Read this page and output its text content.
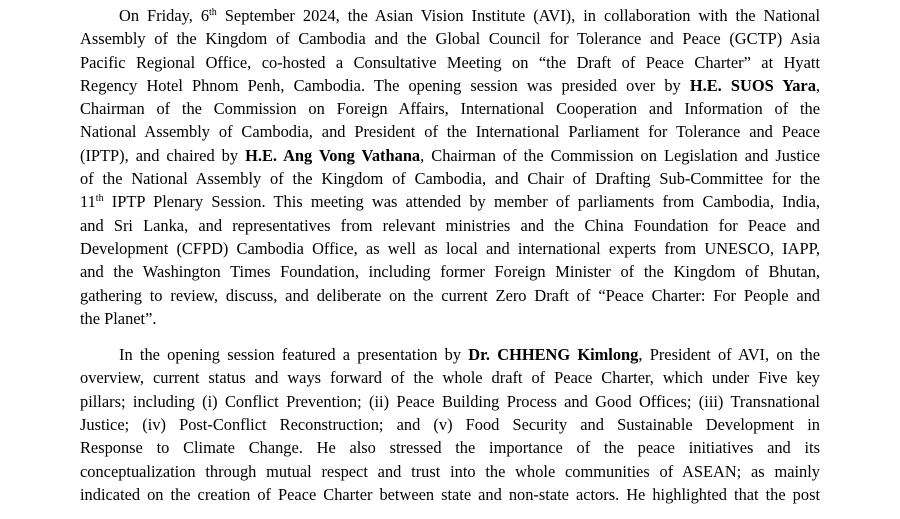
On Friday, 6th September 2024, the Asian Vision Institute (AVI), in collaboration with the National
Assembly of the Kingdom of Cambodia and the Global Council for Tolerance and Peace (GCTP) Asia
Pacific Regional Office, co-hosted a Consultative Meeting on “the Draft of Peace Charter” at Hyatt
Regency Hotel Phnom Penh, Cambodia. The opening session was presided over by H.E. SUOS Yara,
Chairman of the Commission on Foreign Affairs, International Cooperation and Information of the
National Assembly of Cambodia, and President of the International Parliament for Tolerance and Peace
(IPTP), and chaired by H.E. Ang Vong Vathana, Chairman of the Commission on Legislation and Justice
of the National Assembly of the Kingdom of Cambodia, and Chair of Drafting Sub-Committee for the
11th IPTP Plenary Session. This meeting was attended by member of parliaments from Cambodia, India,
and Sri Lanka, and representatives from relevant ministries and the China Foundation for Peace and
Development (CFPD) Cambodia Office, as well as local and international experts from UNESCO, IAPP,
and the Washington Times Foundation, including former Foreign Minister of the Kingdom of Bhutan,
gathering to review, discuss, and deliberate on the current Zero Draft of “Peace Charter: For People and
the Planet”.
In the opening session featured a presentation by Dr. CHHENG Kimlong, President of AVI, on the
overview, current status and ways forward of the whole draft of Peace Charter, which under Five key
pillars; including (i) Conflict Prevention; (ii) Peace Building Process and Good Offices; (iii) Transnational
Justice; (iv) Post-Conflict Reconstruction; and (v) Food Security and Sustainable Development in
Response to Climate Change. He also stressed the importance of the peace initiatives and its
conceptualization through mutual respect and trust into the whole communities of ASEAN; as mainly
indicated on the creation of Peace Charter between state and non-state actors. He highlighted that the post
